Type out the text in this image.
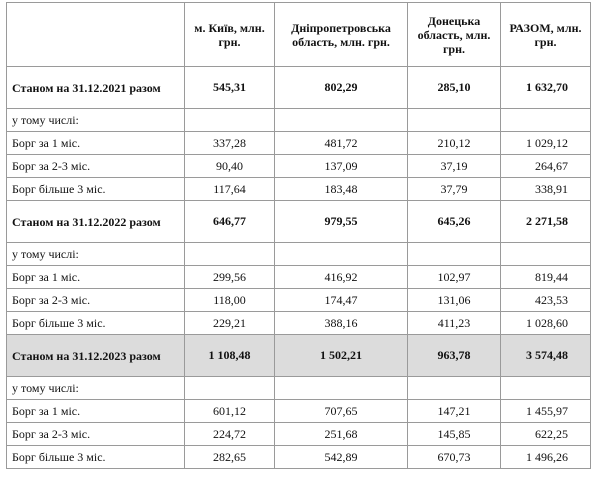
	м. Київ, млн. грн.	Дніпропетровська область, млн. грн.	Донецька область, млн. грн.	РАЗОМ, млн. грн.
Станом на 31.12.2021 разом	545,31	802,29	285,10	1 632,70
у тому числі:				
Борг за 1 міс.	337,28	481,72	210,12	1 029,12
Борг за 2-3 міс.	90,40	137,09	37,19	264,67
Борг більше 3 міс.	117,64	183,48	37,79	338,91
Станом на 31.12.2022 разом	646,77	979,55	645,26	2 271,58
у тому числі:				
Борг за 1 міс.	299,56	416,92	102,97	819,44
Борг за 2-3 міс.	118,00	174,47	131,06	423,53
Борг більше 3 міс.	229,21	388,16	411,23	1 028,60
Станом на 31.12.2023 разом	1 108,48	1 502,21	963,78	3 574,48
у тому числі:				
Борг за 1 міс.	601,12	707,65	147,21	1 455,97
Борг за 2-3 міс.	224,72	251,68	145,85	622,25
Борг більше 3 міс.	282,65	542,89	670,73	1 496,26
